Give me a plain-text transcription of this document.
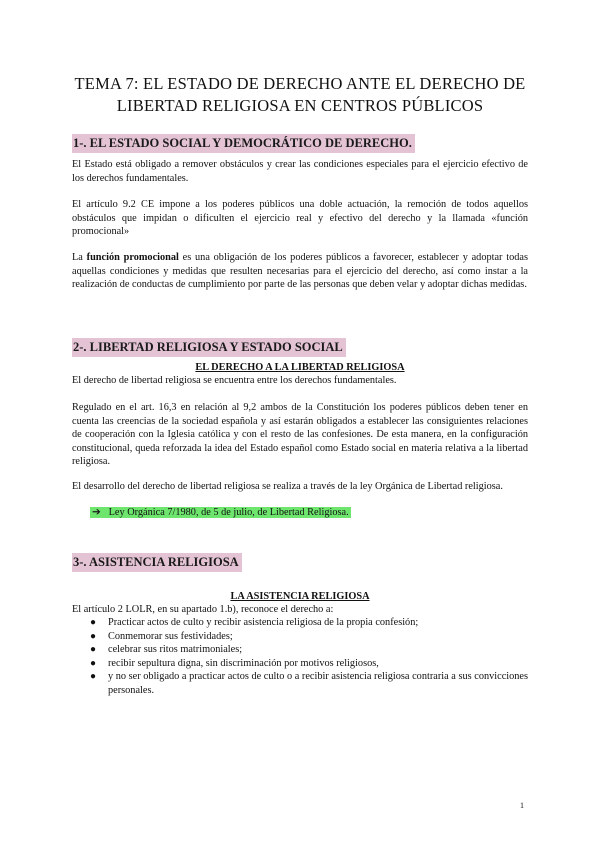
TEMA 7: EL ESTADO DE DERECHO ANTE EL DERECHO DE
LIBERTAD RELIGIOSA EN CENTROS PÚBLICOS
1-. EL ESTADO SOCIAL Y DEMOCRÁTICO DE DERECHO.
El Estado está obligado a remover obstáculos y crear las condiciones especiales para el ejercicio efectivo de los derechos fundamentales.
El artículo 9.2 CE impone a los poderes públicos una doble actuación, la remoción de todos aquellos obstáculos que impidan o dificulten el ejercicio real y efectivo del derecho y la llamada «función promocional»
La función promocional es una obligación de los poderes públicos a favorecer, establecer y adoptar todas aquellas condiciones y medidas que resulten necesarias para el ejercicio del derecho, así como instar a la realización de conductas de cumplimiento por parte de las personas que deben velar y adoptar dichas medidas.
2-. LIBERTAD RELIGIOSA Y ESTADO SOCIAL
EL DERECHO A LA LIBERTAD RELIGIOSA
El derecho de libertad religiosa se encuentra entre los derechos fundamentales.
Regulado en el art. 16,3 en relación al 9,2 ambos de la Constitución los poderes públicos deben tener en cuenta las creencias de la sociedad española y así estarán obligados a establecer las consiguientes relaciones de cooperación con la Iglesia católica y con el resto de las confesiones. De esta manera, en la configuración constitucional, queda reforzada la idea del Estado español como Estado social en materia relativa a la libertad religiosa.
El desarrollo del derecho de libertad religiosa se realiza a través de la ley Orgánica de Libertad religiosa.
➔ Ley Orgánica 7/1980, de 5 de julio, de Libertad Religiosa.
3-. ASISTENCIA RELIGIOSA
LA ASISTENCIA RELIGIOSA
El artículo 2 LOLR, en su apartado 1.b), reconoce el derecho a:
● Practicar actos de culto y recibir asistencia religiosa de la propia confesión;
● Conmemorar sus festividades;
● celebrar sus ritos matrimoniales;
● recibir sepultura digna, sin discriminación por motivos religiosos,
● y no ser obligado a practicar actos de culto o a recibir asistencia religiosa contraria a sus convicciones personales.
1
